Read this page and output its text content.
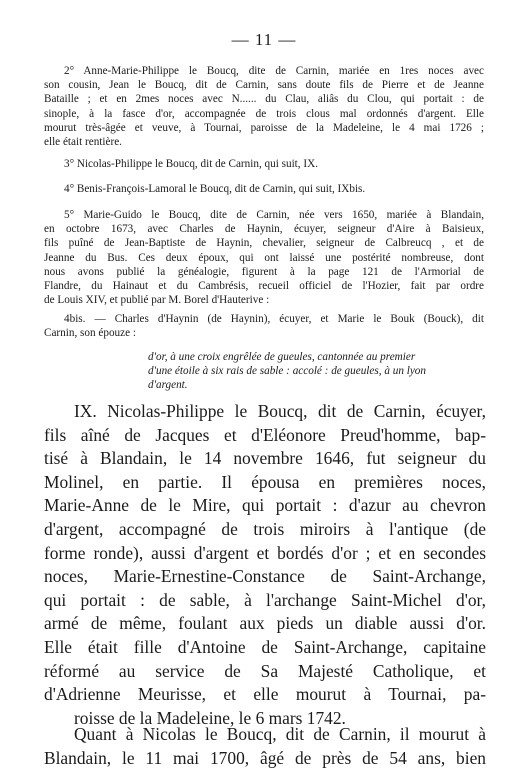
— 11 —
2° Anne-Marie-Philippe le Boucq, dite de Carnin, mariée en 1res noces avec
son cousin, Jean le Boucq, dit de Carnin, sans doute fils de Pierre et de Jeanne
Bataille ; et en 2mes noces avec N...... du Clau, aliâs du Clou, qui portait : de
sinople, à la fasce d'or, accompagnée de trois clous mal ordonnés d'argent. Elle
mourut très-âgée et veuve, à Tournai, paroisse de la Madeleine, le 4 mai 1726 ;
elle était rentière.
3° Nicolas-Philippe le Boucq, dit de Carnin, qui suit, IX.
4° Benis-François-Lamoral le Boucq, dit de Carnin, qui suit, IXbis.
5° Marie-Guido le Boucq, dite de Carnin, née vers 1650, mariée à Blandain,
en octobre 1673, avec Charles de Haynin, écuyer, seigneur d'Aire à Baisieux,
fils puîné de Jean-Baptiste de Haynin, chevalier, seigneur de Calbreucq , et de
Jeanne du Bus. Ces deux époux, qui ont laissé une postérité nombreuse, dont
nous avons publié la généalogie, figurent à la page 121 de l'Armorial de
Flandre, du Hainaut et du Cambrésis, recueil officiel de l'Hozier, fait par ordre
de Louis XIV, et publié par M. Borel d'Hauterive :
4bis. — Charles d'Haynin (de Haynin), écuyer, et Marie le Bouk (Bouck), dit
Carnin, son épouze :
d'or, à une croix engrêlée de gueules, cantonnée au premier
d'une étoile à six rais de sable : accolé : de gueules, à un lyon
d'argent.
IX. Nicolas-Philippe le Boucq, dit de Carnin, écuyer,
fils aîné de Jacques et d'Eléonore Preud'homme, bap-
tisé à Blandain, le 14 novembre 1646, fut seigneur du
Molinel, en partie. Il épousa en premières noces,
Marie-Anne de le Mire, qui portait : d'azur au chevron
d'argent, accompagné de trois miroirs à l'antique (de
forme ronde), aussi d'argent et bordés d'or ; et en secondes
noces, Marie-Ernestine-Constance de Saint-Archange,
qui portait : de sable, à l'archange Saint-Michel d'or,
armé de même, foulant aux pieds un diable aussi d'or.
Elle était fille d'Antoine de Saint-Archange, capitaine
réformé au service de Sa Majesté Catholique, et
d'Adrienne Meurisse, et elle mourut à Tournai, pa-
roisse de la Madeleine, le 6 mars 1742.
Quant à Nicolas le Boucq, dit de Carnin, il mourut à
Blandain, le 11 mai 1700, âgé de près de 54 ans, bien
